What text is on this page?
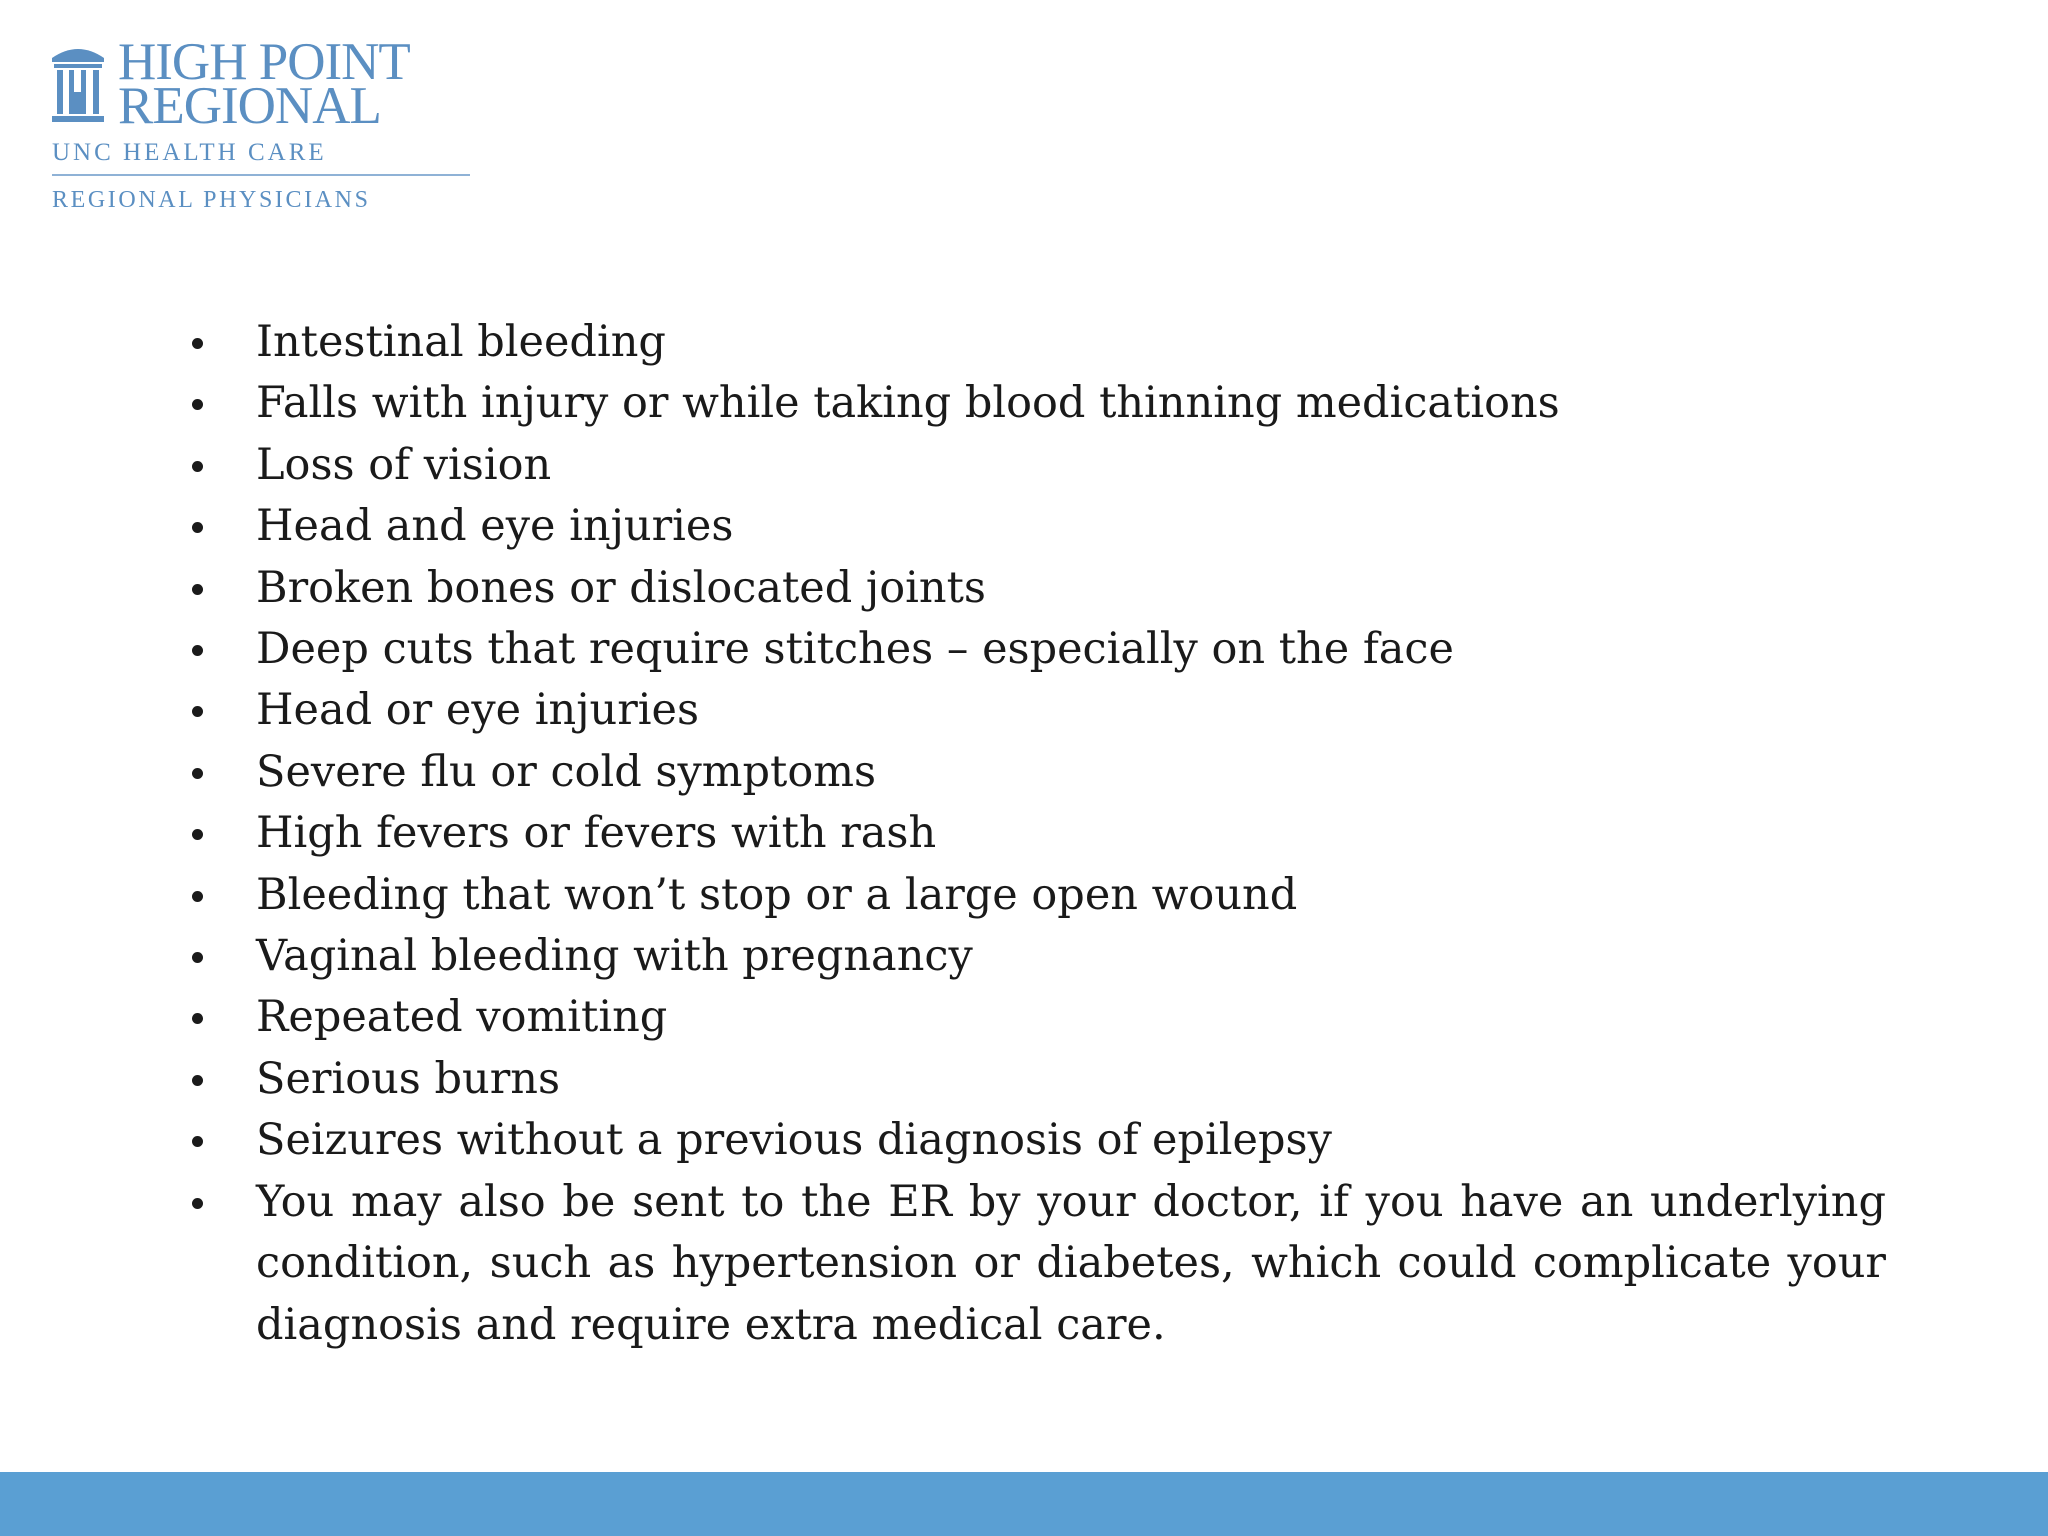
HIGH POINT
REGIONAL
UNC HEALTH CARE
REGIONAL PHYSICIANS
Intestinal bleeding
Falls with injury or while taking blood thinning medications
Loss of vision
Head and eye injuries
Broken bones or dislocated joints
Deep cuts that require stitches – especially on the face
Head or eye injuries
Severe flu or cold symptoms
High fevers or fevers with rash
Bleeding that won’t stop or a large open wound
Vaginal bleeding with pregnancy
Repeated vomiting
Serious burns
Seizures without a previous diagnosis of epilepsy
You may also be sent to the ER by your doctor, if you have an underlying condition, such as hypertension or diabetes, which could complicate your diagnosis and require extra medical care.
